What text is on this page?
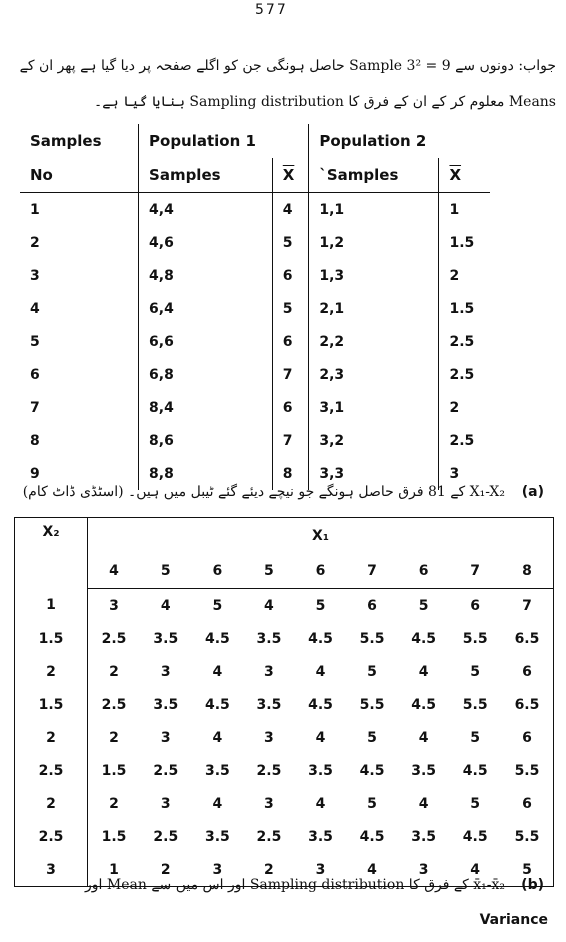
577
جواب: دونوں سے 9 = 3² Sample حاصل ہونگی جن کو اگلے صفحہ پر دیا گیا ہے پھر ان کے
Means معلوم کر کے ان کے فرق کا Sampling distribution بنایا گیا ہے۔
Samples	Population 1		Population 2	
No	Samples	$\overline{X}$	`Samples	$\overline{X}$
1	4,4	4	1,1	1
2	4,6	5	1,2	1.5
3	4,8	6	1,3	2
4	6,4	5	2,1	1.5
5	6,6	6	2,2	2.5
6	6,8	7	2,3	2.5
7	8,4	6	3,1	2
8	8,6	7	3,2	2.5
9	8,8	8	3,3	3
(a)
X₁-X₂ کے 81 فرق حاصل ہونگے جو نیچے دیئے گئے ٹیبل میں ہیں۔ (اسٹڈی ڈاٹ کام)
X₂	X₁								
	4	5	6	5	6	7	6	7	8
1	3	4	5	4	5	6	5	6	7
1.5	2.5	3.5	4.5	3.5	4.5	5.5	4.5	5.5	6.5
2	2	3	4	3	4	5	4	5	6
1.5	2.5	3.5	4.5	3.5	4.5	5.5	4.5	5.5	6.5
2	2	3	4	3	4	5	4	5	6
2.5	1.5	2.5	3.5	2.5	3.5	4.5	3.5	4.5	5.5
2	2	3	4	3	4	5	4	5	6
2.5	1.5	2.5	3.5	2.5	3.5	4.5	3.5	4.5	5.5
3	1	2	3	2	3	4	3	4	5
(b)
x̄₁-x̄₂ کے فرق کا Sampling distribution اور اس میں سے Mean اور
Variance
